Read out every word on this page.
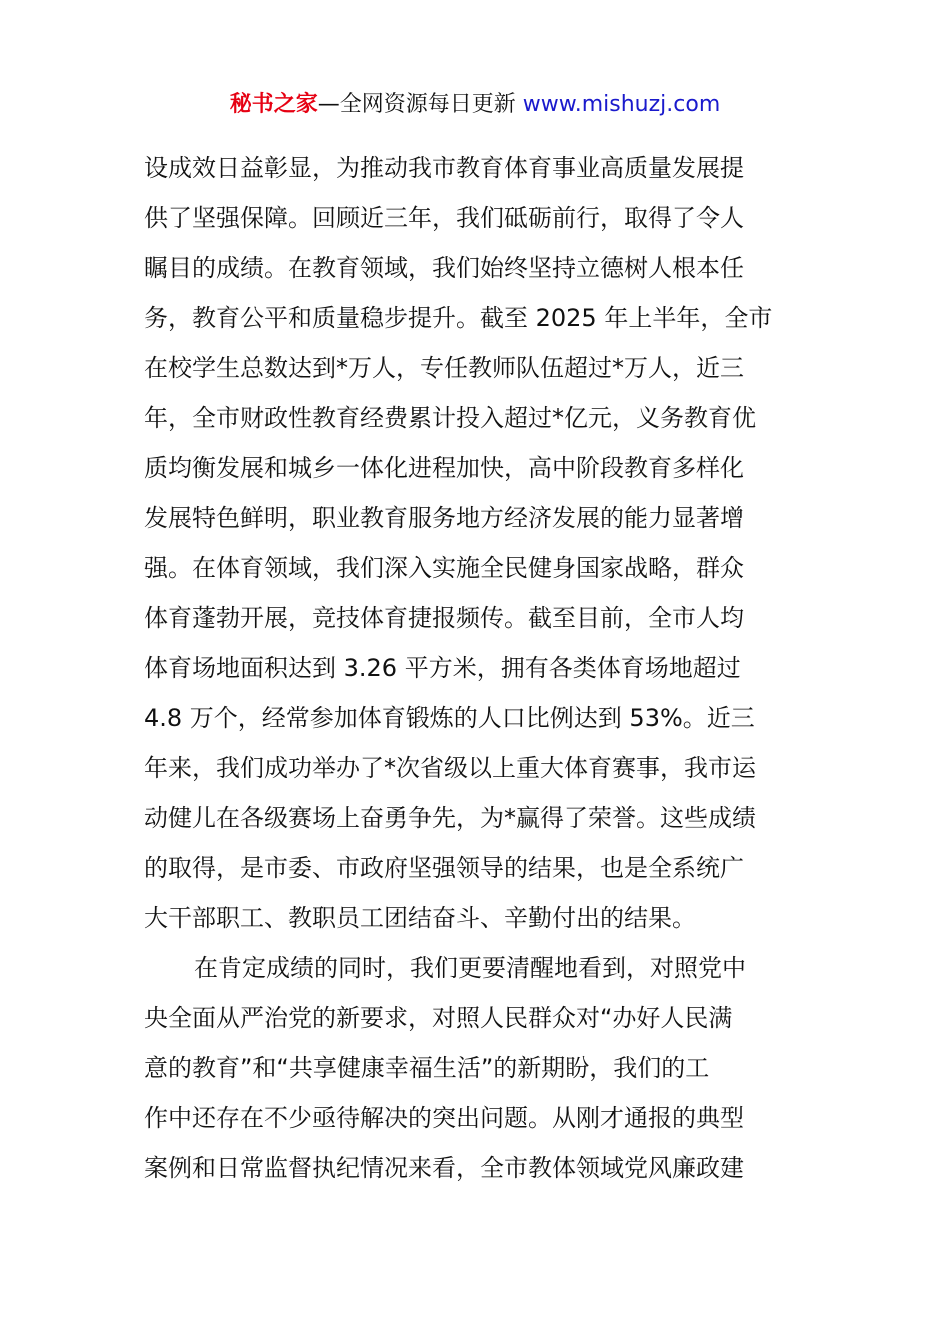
秘书之家—全网资源每日更新 www.mishuzj.com
设成效日益彰显，为推动我市教育体育事业高质量发展提
供了坚强保障。回顾近三年，我们砥砺前行，取得了令人
瞩目的成绩。在教育领域，我们始终坚持立德树人根本任
务，教育公平和质量稳步提升。截至 2025 年上半年，全市
在校学生总数达到*万人，专任教师队伍超过*万人，近三
年，全市财政性教育经费累计投入超过*亿元，义务教育优
质均衡发展和城乡一体化进程加快，高中阶段教育多样化
发展特色鲜明，职业教育服务地方经济发展的能力显著增
强。在体育领域，我们深入实施全民健身国家战略，群众
体育蓬勃开展，竞技体育捷报频传。截至目前，全市人均
体育场地面积达到 3.26 平方米，拥有各类体育场地超过
4.8 万个，经常参加体育锻炼的人口比例达到 53%。近三
年来，我们成功举办了*次省级以上重大体育赛事，我市运
动健儿在各级赛场上奋勇争先，为*赢得了荣誉。这些成绩
的取得，是市委、市政府坚强领导的结果，也是全系统广
大干部职工、教职员工团结奋斗、辛勤付出的结果。
在肯定成绩的同时，我们更要清醒地看到，对照党中
央全面从严治党的新要求，对照人民群众对“办好人民满
意的教育”和“共享健康幸福生活”的新期盼，我们的工
作中还存在不少亟待解决的突出问题。从刚才通报的典型
案例和日常监督执纪情况来看，全市教体领域党风廉政建
